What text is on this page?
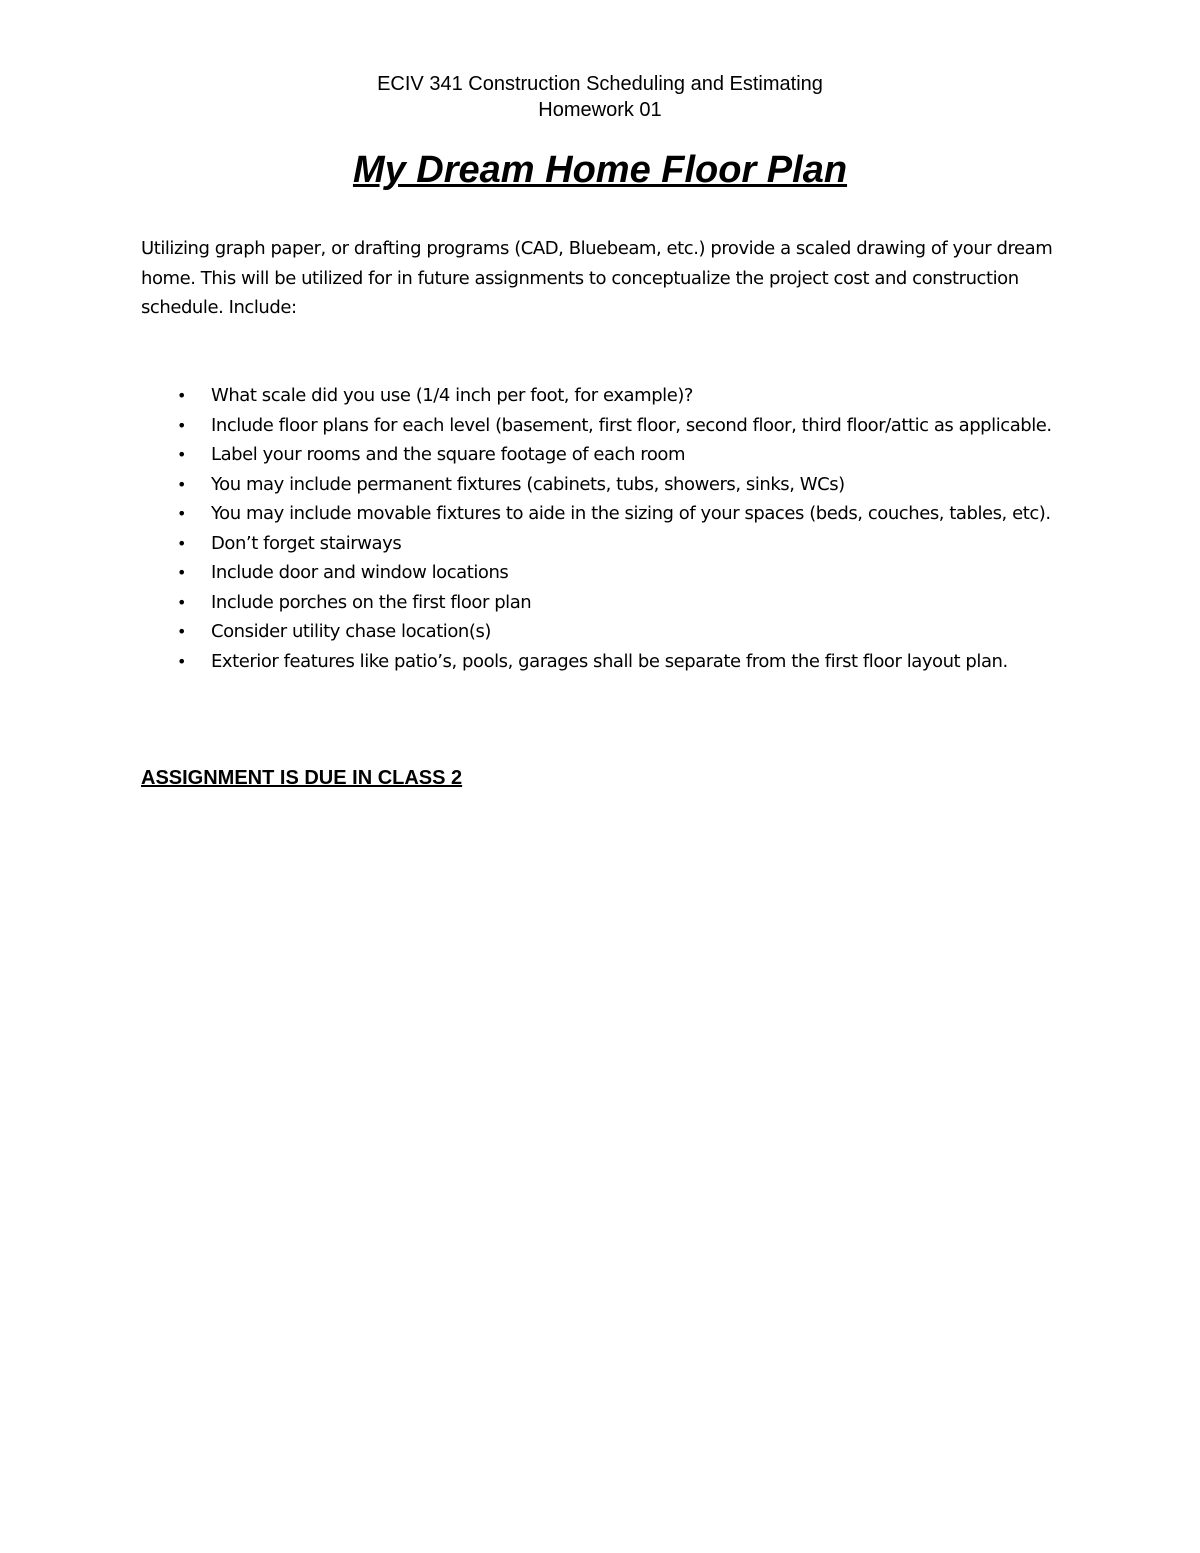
ECIV 341 Construction Scheduling and Estimating
Homework 01
My Dream Home Floor Plan

Utilizing graph paper, or drafting programs (CAD, Bluebeam, etc.) provide a scaled drawing of your dream home. This will be utilized for in future assignments to conceptualize the project cost and construction schedule. Include:

• What scale did you use (1/4 inch per foot, for example)?
• Include floor plans for each level (basement, first floor, second floor, third floor/attic as applicable.
• Label your rooms and the square footage of each room
• You may include permanent fixtures (cabinets, tubs, showers, sinks, WCs)
• You may include movable fixtures to aide in the sizing of your spaces (beds, couches, tables, etc).
• Don’t forget stairways
• Include door and window locations
• Include porches on the first floor plan
• Consider utility chase location(s)
• Exterior features like patio’s, pools, garages shall be separate from the first floor layout plan.
ASSIGNMENT IS DUE IN CLASS 2
